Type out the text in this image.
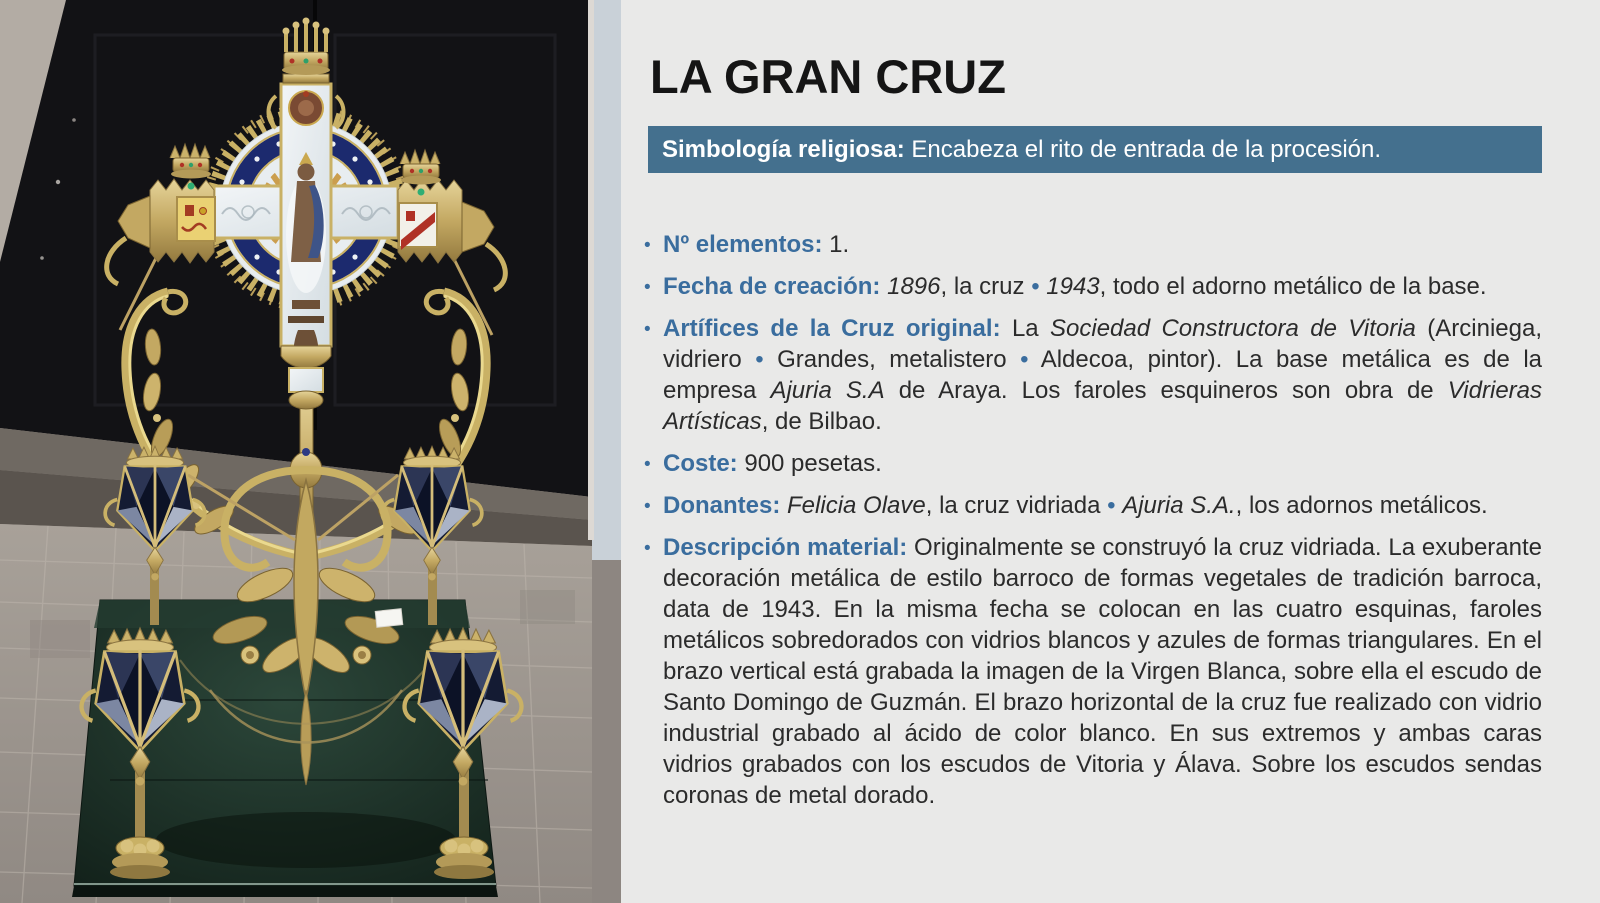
LA GRAN CRUZ
Simbología religiosa: Encabeza el rito de entrada de la procesión.
• Nº elementos: 1.
• Fecha de creación: 1896, la cruz • 1943, todo el adorno metálico de la base.
• Artífices de la Cruz original: La Sociedad Constructora de Vitoria (Arciniega, vidriero • Grandes, metalistero • Aldecoa, pintor). La base metálica es de la empresa Ajuria S.A de Araya. Los faroles esquineros son obra de Vidrieras Artísticas, de Bilbao.
• Coste: 900 pesetas.
• Donantes: Felicia Olave, la cruz vidriada • Ajuria S.A., los adornos metálicos.
• Descripción material: Originalmente se construyó la cruz vidriada. La exuberante decoración metálica de estilo barroco de formas vegetales de tradición barroca, data de 1943. En la misma fecha se colocan en las cuatro esquinas, faroles metálicos sobredorados con vidrios blancos y azules de formas triangulares. En el brazo vertical está grabada la imagen de la Virgen Blanca, sobre ella el escudo de Santo Domingo de Guzmán. El brazo horizontal de la cruz fue realizado con vidrio industrial grabado al ácido de color blanco. En sus extremos y ambas caras vidrios grabados con los escudos de Vitoria y Álava. Sobre los escudos sendas coronas de metal dorado.
